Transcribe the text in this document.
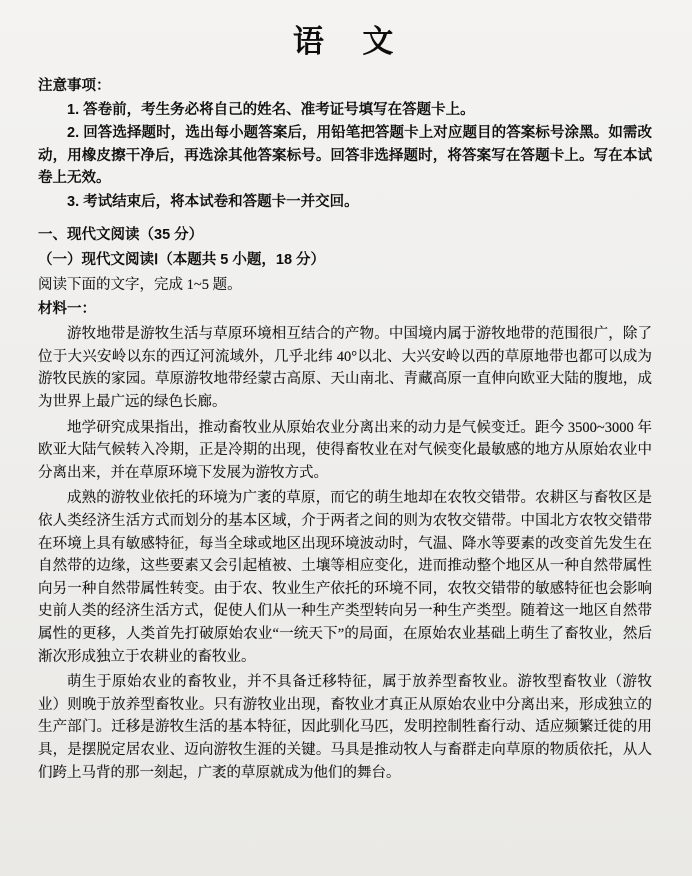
语　文

注意事项：

1. 答卷前，考生务必将自己的姓名、准考证号填写在答题卡上。

2. 回答选择题时，选出每小题答案后，用铅笔把答题卡上对应题目的答案标号涂黑。如需改动，用橡皮擦干净后，再选涂其他答案标号。回答非选择题时，将答案写在答题卡上。写在本试卷上无效。

3. 考试结束后，将本试卷和答题卡一并交回。

一、现代文阅读（35 分）

（一）现代文阅读Ⅰ（本题共 5 小题，18 分）

阅读下面的文字，完成 1~5 题。

材料一：

游牧地带是游牧生活与草原环境相互结合的产物。中国境内属于游牧地带的范围很广，除了位于大兴安岭以东的西辽河流域外，几乎北纬 40°以北、大兴安岭以西的草原地带也都可以成为游牧民族的家园。草原游牧地带经蒙古高原、天山南北、青藏高原一直伸向欧亚大陆的腹地，成为世界上最广远的绿色长廊。

地学研究成果指出，推动畜牧业从原始农业分离出来的动力是气候变迁。距今 3500~3000 年欧亚大陆气候转入冷期，正是冷期的出现，使得畜牧业在对气候变化最敏感的地方从原始农业中分离出来，并在草原环境下发展为游牧方式。

成熟的游牧业依托的环境为广袤的草原，而它的萌生地却在农牧交错带。农耕区与畜牧区是依人类经济生活方式而划分的基本区域，介于两者之间的则为农牧交错带。中国北方农牧交错带在环境上具有敏感特征，每当全球或地区出现环境波动时，气温、降水等要素的改变首先发生在自然带的边缘，这些要素又会引起植被、土壤等相应变化，进而推动整个地区从一种自然带属性向另一种自然带属性转变。由于农、牧业生产依托的环境不同，农牧交错带的敏感特征也会影响史前人类的经济生活方式，促使人们从一种生产类型转向另一种生产类型。随着这一地区自然带属性的更移，人类首先打破原始农业“一统天下”的局面，在原始农业基础上萌生了畜牧业，然后渐次形成独立于农耕业的畜牧业。

萌生于原始农业的畜牧业，并不具备迁移特征，属于放养型畜牧业。游牧型畜牧业（游牧业）则晚于放养型畜牧业。只有游牧业出现，畜牧业才真正从原始农业中分离出来，形成独立的生产部门。迁移是游牧生活的基本特征，因此驯化马匹，发明控制牲畜行动、适应频繁迁徙的用具，是摆脱定居农业、迈向游牧生涯的关键。马具是推动牧人与畜群走向草原的物质依托，从人们跨上马背的那一刻起，广袤的草原就成为他们的舞台。
